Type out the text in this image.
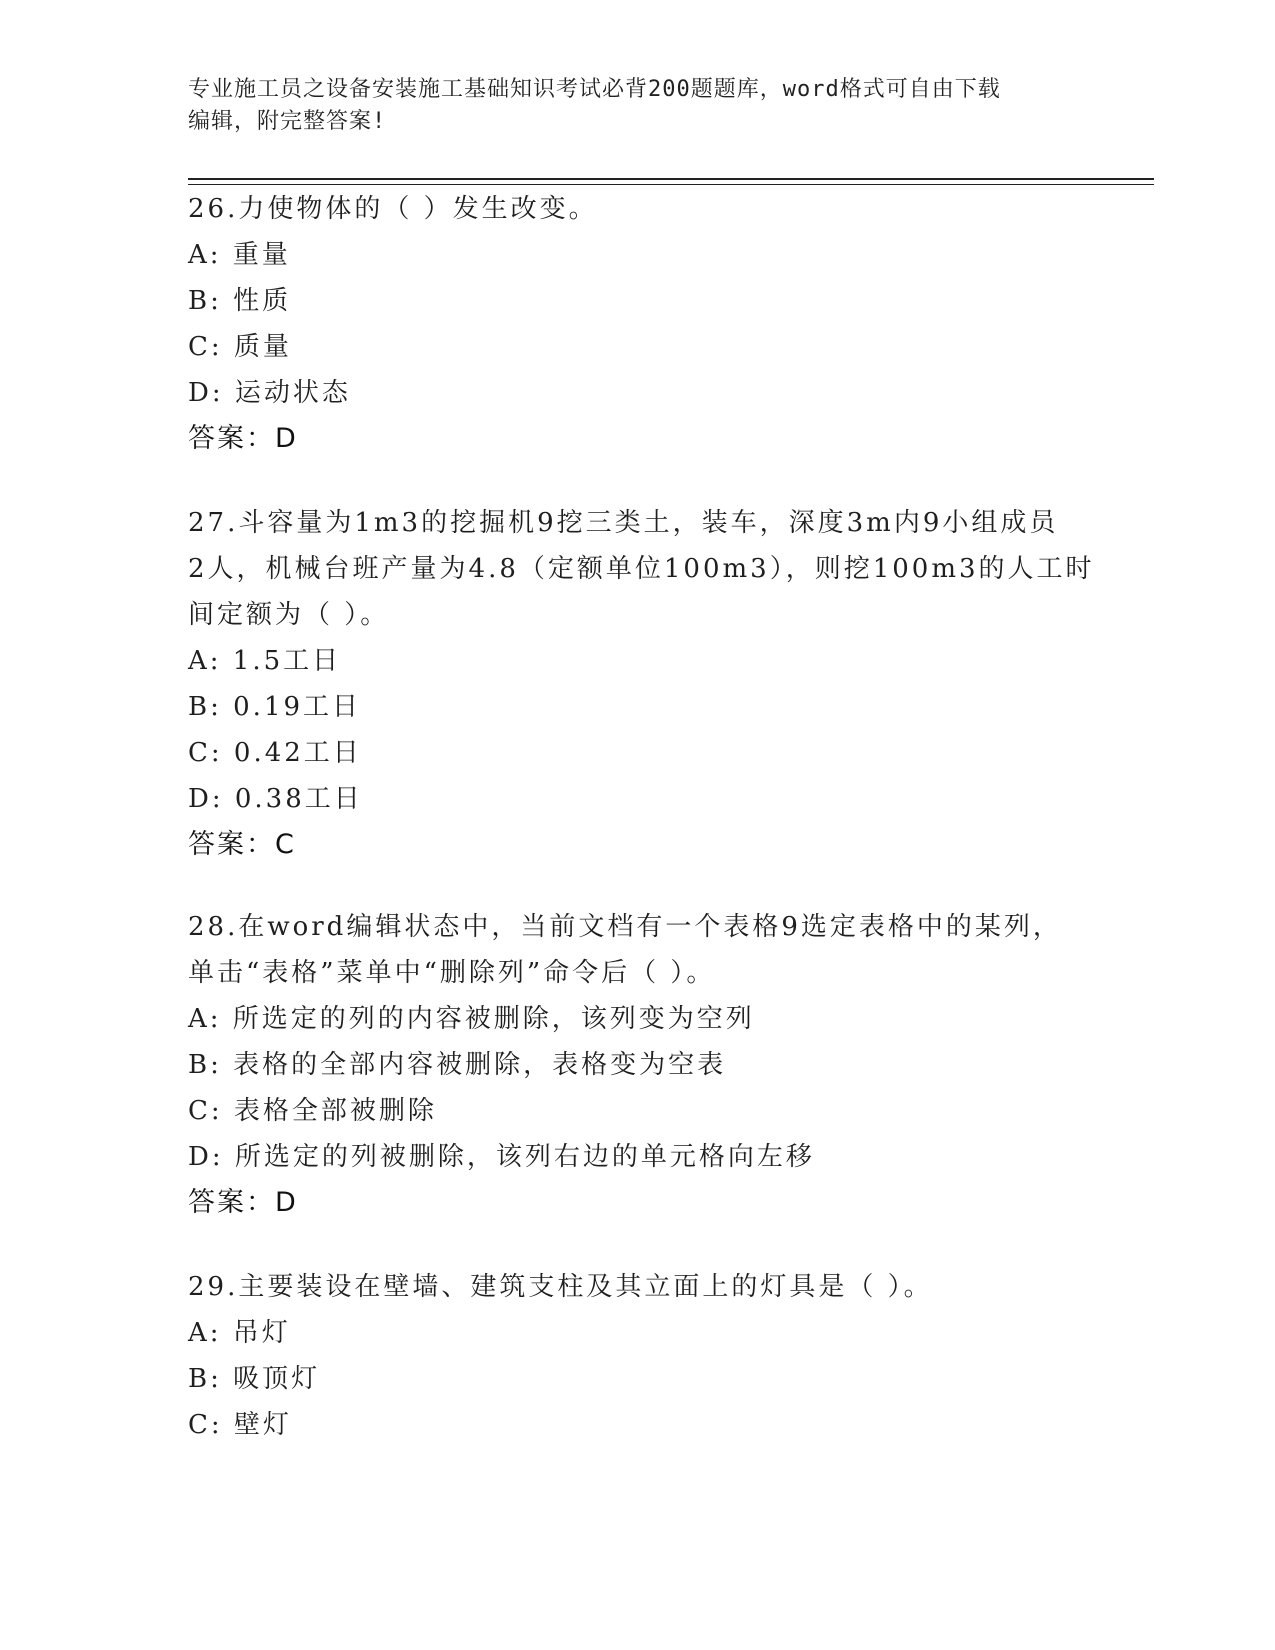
专业施工员之设备安装施工基础知识考试必背200题题库，word格式可自由下载
编辑，附完整答案!
26.力使物体的（ ）发生改变。
A: 重量
B: 性质
C: 质量
D: 运动状态
答案：D
27.斗容量为1m3的挖掘机9挖三类土，装车，深度3m内9小组成员
2人，机械台班产量为4.8（定额单位100m3），则挖100m3的人工时
间定额为（ ）。
A: 1.5工日
B: 0.19工日
C: 0.42工日
D: 0.38工日
答案：C
28.在word编辑状态中，当前文档有一个表格9选定表格中的某列，
单击“表格”菜单中“删除列”命令后（ ）。
A: 所选定的列的内容被删除，该列变为空列
B: 表格的全部内容被删除，表格变为空表
C: 表格全部被删除
D: 所选定的列被删除，该列右边的单元格向左移
答案：D
29.主要装设在壁墙、建筑支柱及其立面上的灯具是（ ）。
A: 吊灯
B: 吸顶灯
C: 壁灯
